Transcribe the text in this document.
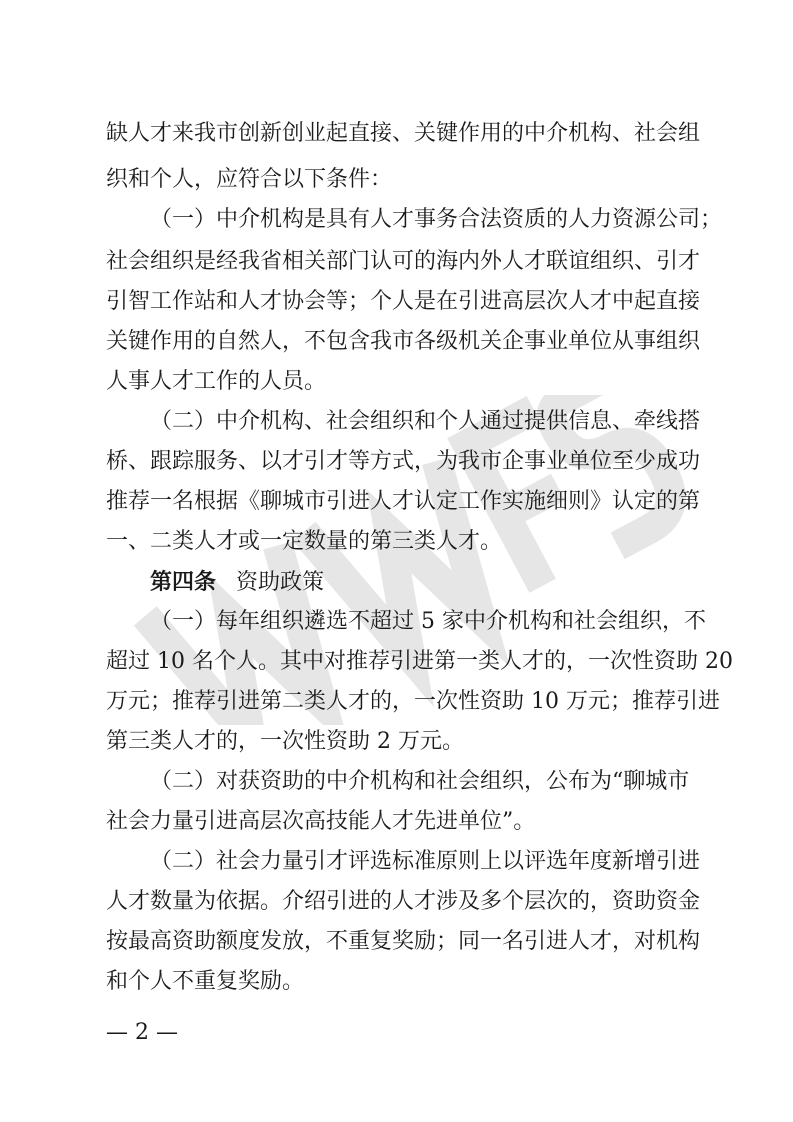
缺人才来我市创新创业起直接、关键作用的中介机构、社会组
织和个人，应符合以下条件：
（一）中介机构是具有人才事务合法资质的人力资源公司；
社会组织是经我省相关部门认可的海内外人才联谊组织、引才
引智工作站和人才协会等；个人是在引进高层次人才中起直接
关键作用的自然人，不包含我市各级机关企事业单位从事组织
人事人才工作的人员。
（二）中介机构、社会组织和个人通过提供信息、牵线搭
桥、跟踪服务、以才引才等方式，为我市企事业单位至少成功
推荐一名根据《聊城市引进人才认定工作实施细则》认定的第
一、二类人才或一定数量的第三类人才。
第四条 资助政策
（一）每年组织遴选不超过 5 家中介机构和社会组织，不
超过 10 名个人。其中对推荐引进第一类人才的，一次性资助 20
万元；推荐引进第二类人才的，一次性资助 10 万元；推荐引进
第三类人才的，一次性资助 2 万元。
（二）对获资助的中介机构和社会组织，公布为“聊城市
社会力量引进高层次高技能人才先进单位”。
（二）社会力量引才评选标准原则上以评选年度新增引进
人才数量为依据。介绍引进的人才涉及多个层次的，资助资金
按最高资助额度发放，不重复奖励；同一名引进人才，对机构
和个人不重复奖励。
— 2 —
